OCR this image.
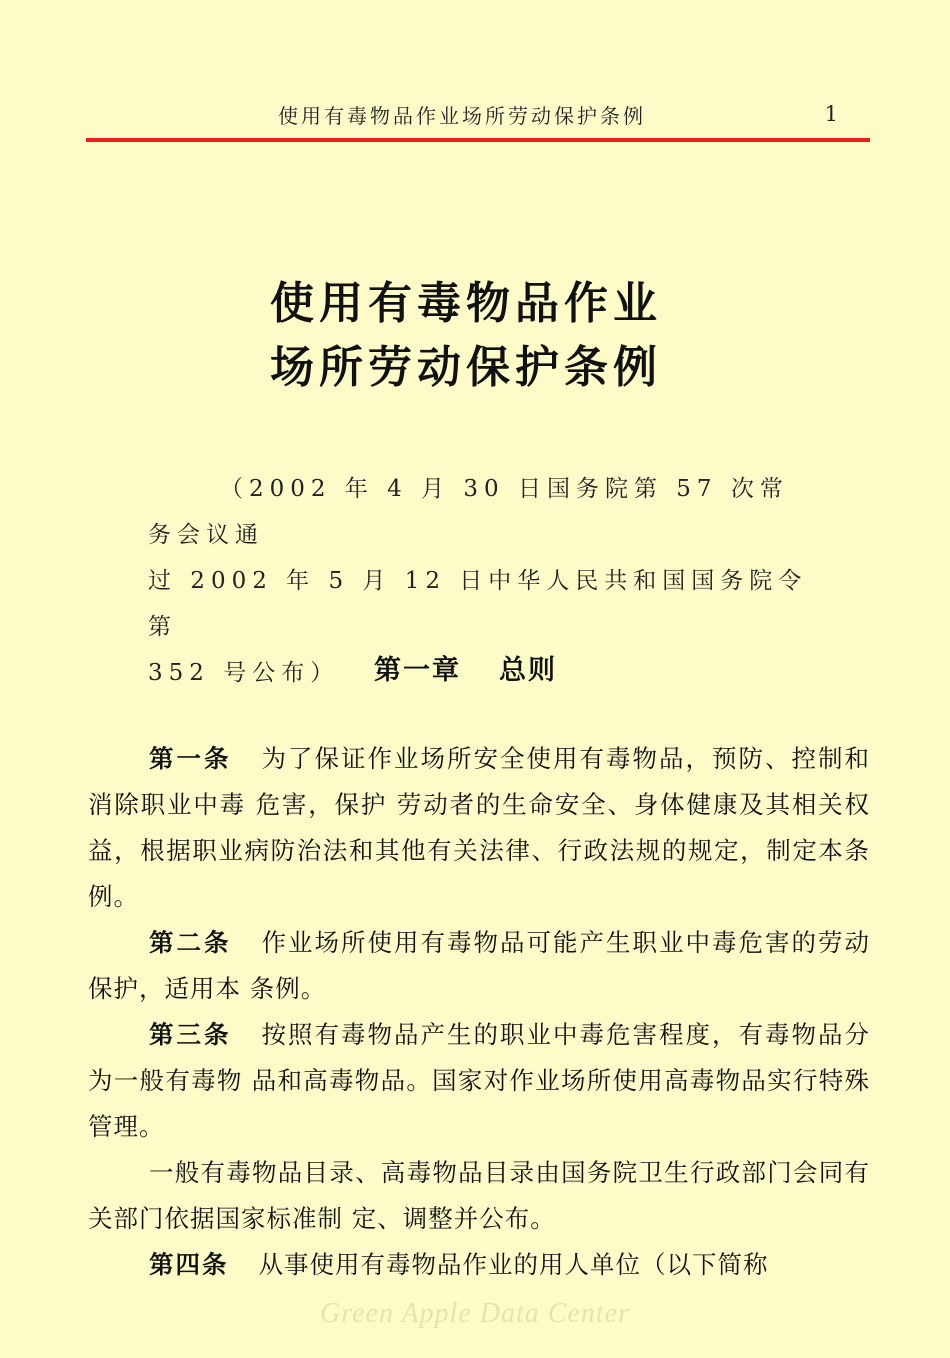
使用有毒物品作业场所劳动保护条例	1
使用有毒物品作业
场所劳动保护条例

（2002 年 4 月 30 日国务院第 57 次常务会议通

过 2002 年 5 月 12 日中华人民共和国国务院令 第

352 号公布）	第一章 总则

第一条 为了保证作业场所安全使用有毒物品，预防、控制和消除职业中毒 危害，保护 劳动者的生命安全、身体健康及其相关权益，根据职业病防治法和其他有关法律、行政法规的规定，制定本条例。

第二条 作业场所使用有毒物品可能产生职业中毒危害的劳动保护，适用本 条例。

第三条 按照有毒物品产生的职业中毒危害程度，有毒物品分为一般有毒物 品和高毒物品。国家对作业场所使用高毒物品实行特殊管理。

一般有毒物品目录、高毒物品目录由国务院卫生行政部门会同有关部门依据国家标准制 定、调整并公布。

第四条 从事使用有毒物品作业的用人单位（以下简称

Green Apple Data Center
